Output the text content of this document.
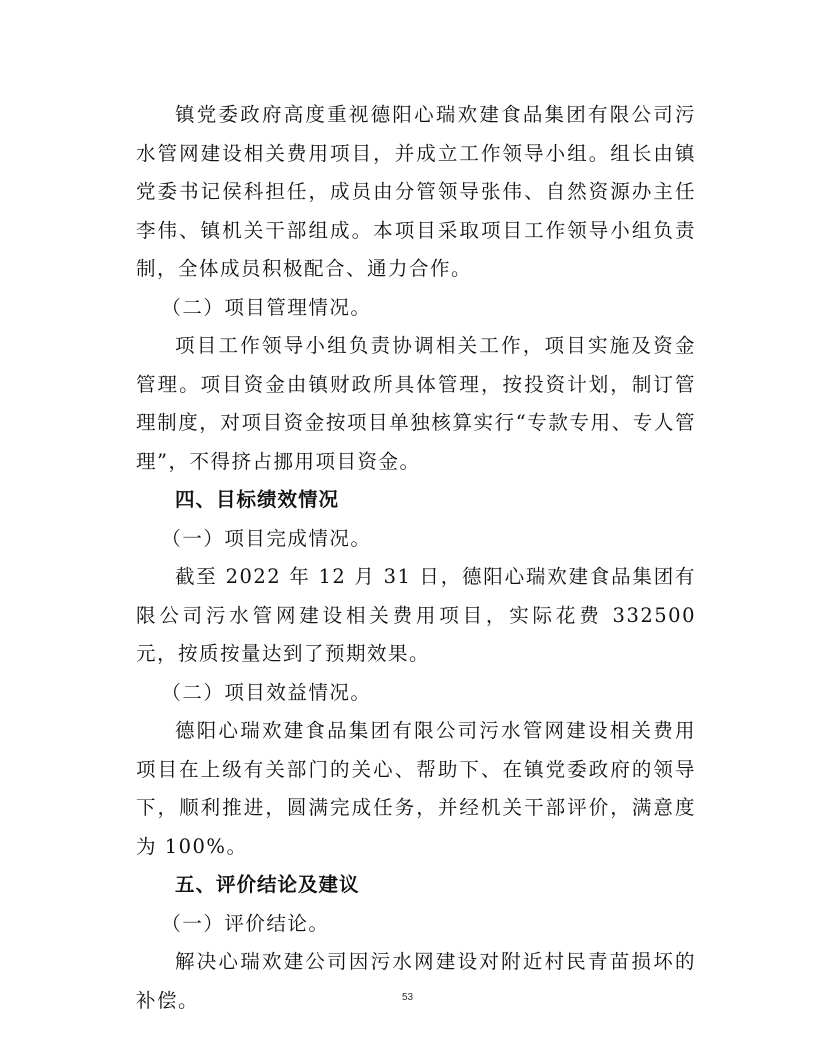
镇党委政府高度重视德阳心瑞欢建食品集团有限公司污水管网建设相关费用项目，并成立工作领导小组。组长由镇党委书记侯科担任，成员由分管领导张伟、自然资源办主任李伟、镇机关干部组成。本项目采取项目工作领导小组负责制，全体成员积极配合、通力合作。

（二）项目管理情况。

项目工作领导小组负责协调相关工作，项目实施及资金管理。项目资金由镇财政所具体管理，按投资计划，制订管理制度，对项目资金按项目单独核算实行“专款专用、专人管理”，不得挤占挪用项目资金。

四、目标绩效情况

（一）项目完成情况。

截至 2022 年 12 月 31 日，德阳心瑞欢建食品集团有限公司污水管网建设相关费用项目，实际花费 332500 元，按质按量达到了预期效果。

（二）项目效益情况。

德阳心瑞欢建食品集团有限公司污水管网建设相关费用项目在上级有关部门的关心、帮助下、在镇党委政府的领导下，顺利推进，圆满完成任务，并经机关干部评价，满意度为 100%。

五、评价结论及建议

（一）评价结论。

解决心瑞欢建公司因污水网建设对附近村民青苗损坏的补偿。	53
